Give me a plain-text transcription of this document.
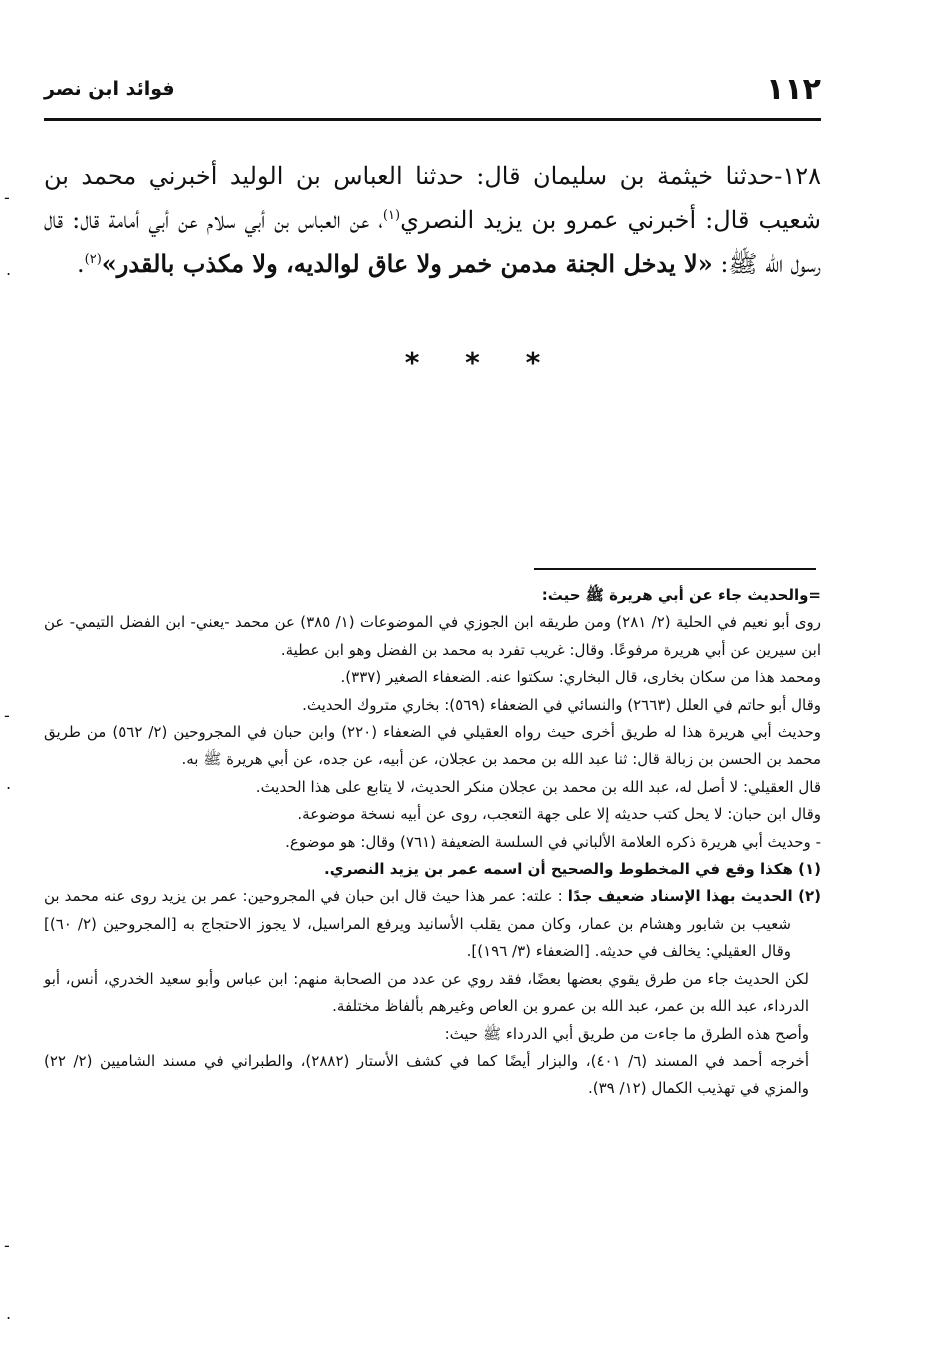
١١٢
فوائد ابن نصر

١٢٨-حدثنا خيثمة بن سليمان قال: حدثنا العباس بن الوليد أخبرني محمد بن شعيب قال: أخبرني عمرو بن يزيد النصري$^{(١)}$، عن العباس بن أبي سلام عن أبي أمامة قال: قال رسول الله ﷺ: «لا يدخل الجنة مدمن خمر ولا عاق لوالديه، ولا مكذب بالقدر»$^{(٢)}$.

* * *

=والحديث جاء عن أبي هريرة ﷺ حيث:

روى أبو نعيم في الحلية (٢/ ٢٨١) ومن طريقه ابن الجوزي في الموضوعات (١/ ٣٨٥) عن محمد -يعني- ابن الفضل التيمي- عن ابن سيرين عن أبي هريرة مرفوعًا. وقال: غريب تفرد به محمد بن الفضل وهو ابن عطية.

ومحمد هذا من سكان بخارى، قال البخاري: سكتوا عنه. الضعفاء الصغير (٣٣٧).

وقال أبو حاتم في العلل (٢٦٦٣) والنسائي في الضعفاء (٥٦٩): بخاري متروك الحديث.

وحديث أبي هريرة هذا له طريق أخرى حيث رواه العقيلي في الضعفاء (٢٢٠) وابن حبان في المجروحين (٢/ ٥٦٢) من طريق محمد بن الحسن بن زبالة قال: ثنا عبد الله بن محمد بن عجلان، عن أبيه، عن جده، عن أبي هريرة ﷺ به.

قال العقيلي: لا أصل له، عبد الله بن محمد بن عجلان منكر الحديث، لا يتابع على هذا الحديث.

وقال ابن حبان: لا يحل كتب حديثه إلا على جهة التعجب، روى عن أبيه نسخة موضوعة.

- وحديث أبي هريرة ذكره العلامة الألباني في السلسة الضعيفة (٧٦١) وقال: هو موضوع.

(١) هكذا وقع في المخطوط والصحيح أن اسمه عمر بن يزيد النصري.

(٢) الحديث بهذا الإسناد ضعيف جدًا : علته: عمر هذا حيث قال ابن حبان في المجروحين: عمر بن يزيد روى عنه محمد بن شعيب بن شابور وهشام بن عمار، وكان ممن يقلب الأسانيد ويرفع المراسيل، لا يجوز الاحتجاج به [المجروحين (٢/ ٦٠)] وقال العقيلي: يخالف في حديثه. [الضعفاء (٣/ ١٩٦)].

لكن الحديث جاء من طرق يقوي بعضها بعضًا، فقد روي عن عدد من الصحابة منهم: ابن عباس وأبو سعيد الخدري، أنس، أبو الدرداء، عبد الله بن عمر، عبد الله بن عمرو بن العاص وغيرهم بألفاظ مختلفة.

وأصح هذه الطرق ما جاءت من طريق أبي الدرداء ﷺ حيث:

أخرجه أحمد في المسند (٦/ ٤٠١)، والبزار أيضًا كما في كشف الأستار (٢٨٨٢)، والطبراني في مسند الشاميين (٢/ ٢٢) والمزي في تهذيب الكمال (١٢/ ٣٩).

-
.
-
.
-
.
